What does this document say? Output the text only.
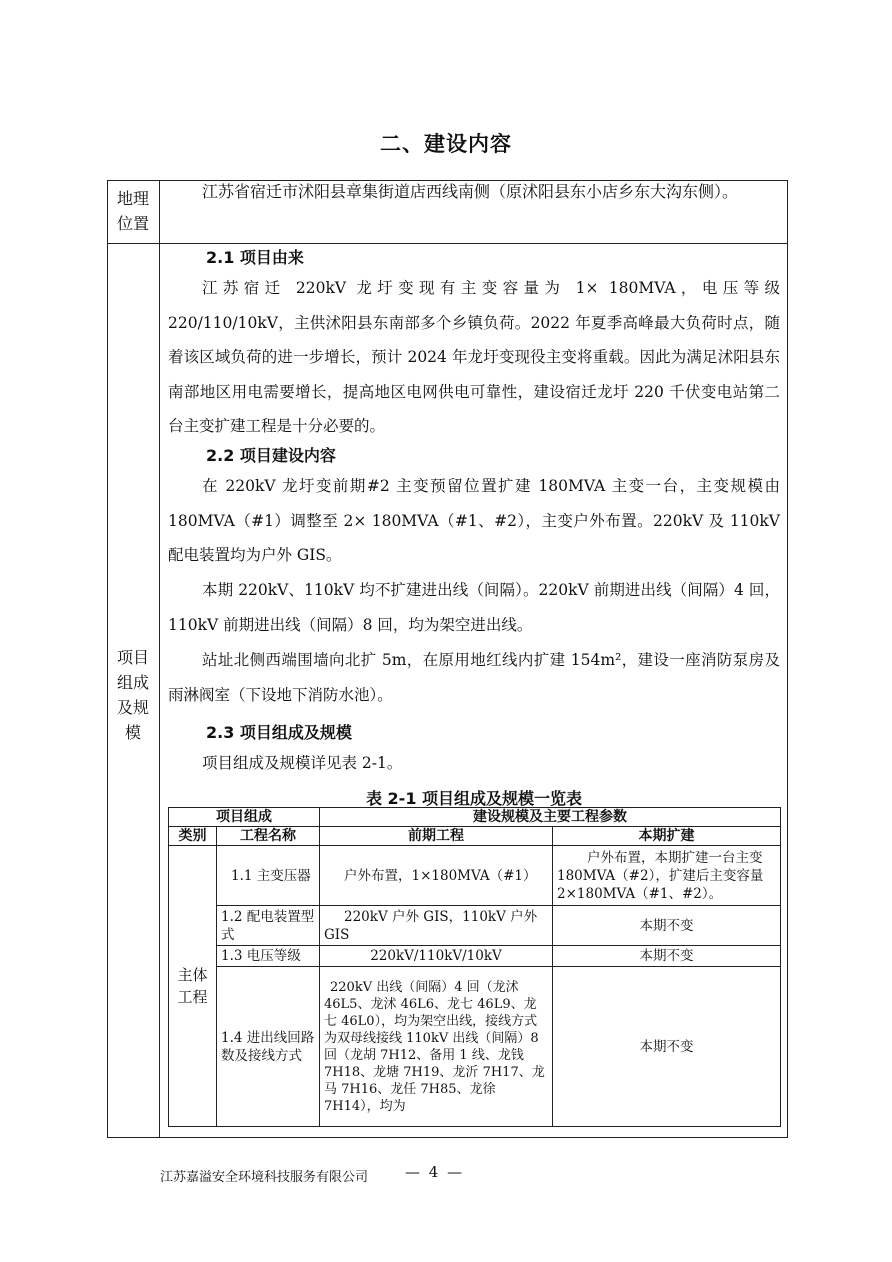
二、建设内容
地理
位置
江苏省宿迁市沭阳县章集街道店西线南侧（原沭阳县东小店乡东大沟东侧）。
项目
组成
及规
模
2.1 项目由来
江苏宿迁 220kV 龙圩变现有主变容量为 1× 180MVA，电压等级 220/110/10kV，主供沭阳县东南部多个乡镇负荷。2022 年夏季高峰最大负荷时点，随着该区域负荷的进一步增长，预计 2024 年龙圩变现役主变将重载。因此为满足沭阳县东南部地区用电需要增长，提高地区电网供电可靠性，建设宿迁龙圩 220 千伏变电站第二台主变扩建工程是十分必要的。
2.2 项目建设内容
在 220kV 龙圩变前期#2 主变预留位置扩建 180MVA 主变一台，主变规模由 180MVA（#1）调整至 2× 180MVA（#1、#2），主变户外布置。220kV 及 110kV 配电装置均为户外 GIS。
本期 220kV、110kV 均不扩建进出线（间隔）。220kV 前期进出线（间隔）4 回，110kV 前期进出线（间隔）8 回，均为架空进出线。
站址北侧西端围墙向北扩 5m，在原用地红线内扩建 154m²，建设一座消防泵房及雨淋阀室（下设地下消防水池）。
2.3 项目组成及规模
项目组成及规模详见表 2-1。
表 2-1 项目组成及规模一览表
项目组成		建设规模及主要工程参数	
类别	工程名称	前期工程	本期扩建

主体工程	1.1 主变压器	户外布置，1×180MVA（#1）	户外布置，本期扩建一台主变 180MVA（#2），扩建后主变容量 2×180MVA（#1、#2）。
	1.2 配电装置型式	220kV 户外 GIS，110kV 户外 GIS	本期不变
	1.3 电压等级	220kV/110kV/10kV	本期不变
	1.4 进出线回路数及接线方式	220kV 出线（间隔）4 回（龙沭 46L5、龙沭 46L6、龙七 46L9、龙七 46L0），均为架空出线，接线方式为双母线接线 110kV 出线（间隔）8 回（龙胡 7H12、备用 1 线、龙钱 7H18、龙塘 7H19、龙沂 7H17、龙马 7H16、龙任 7H85、龙徐 7H14），均为	本期不变
江苏嘉溢安全环境科技服务有限公司 — 4 —
